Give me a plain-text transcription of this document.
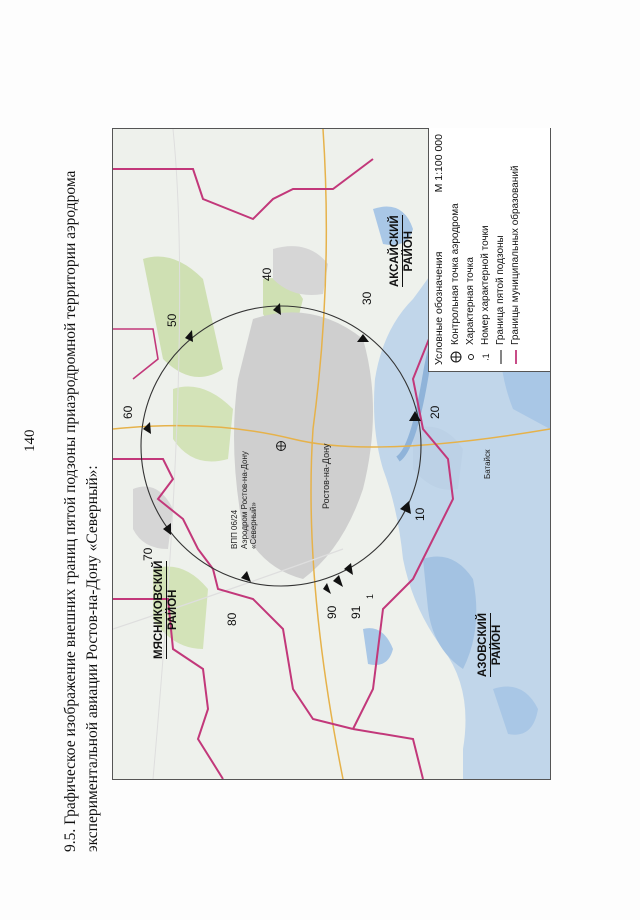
140 9.5. Графическое изображение внешних границ пятой подзоны приаэродромной территории аэродрома экспериментальной авиации Ростов-на-Дону «Северный»:	МЯСНИКОВСКИЙ РАЙОН
АКСАЙСКИЙ РАЙОН
АЗОВСКИЙ РАЙОН
10
20
30
40
50
60
70
80
90 91
1
ВПП 06/24 Аэродром Ростов-на-Дону «Северный»
Ростов-на-Дону	Батайск
Условные обозначения
М 1:100 000
Контрольная точка аэродрома Характерная точка
,
1
Номер характерной точки Граница пятой подзоны Границы муниципальных образований
